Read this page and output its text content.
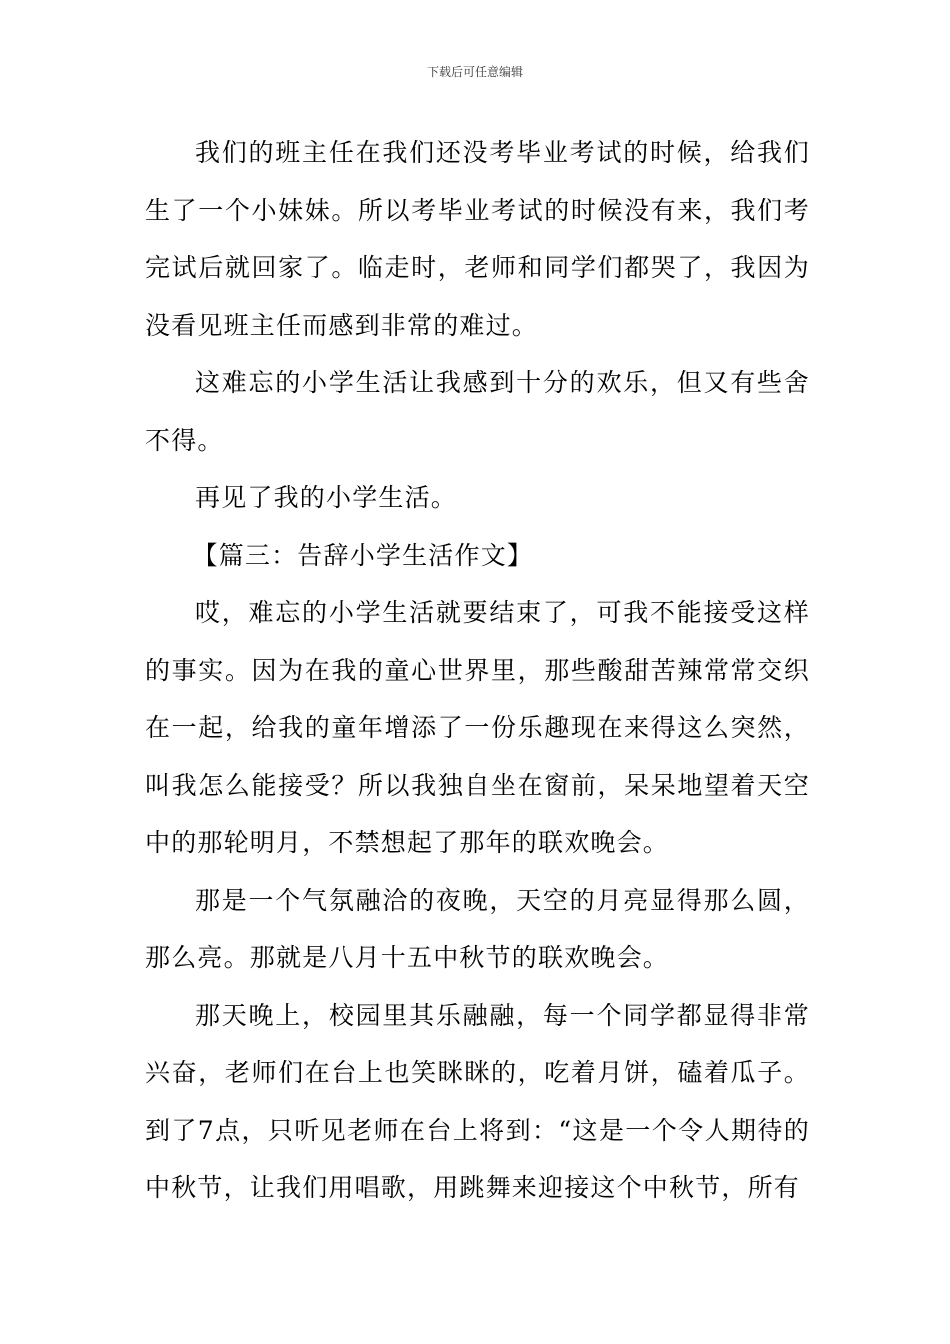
下载后可任意编辑

我们的班主任在我们还没考毕业考试的时候，给我们生了一个小妹妹。所以考毕业考试的时候没有来，我们考完试后就回家了。临走时，老师和同学们都哭了，我因为没看见班主任而感到非常的难过。

这难忘的小学生活让我感到十分的欢乐，但又有些舍不得。

再见了我的小学生活。

【篇三：告辞小学生活作文】

哎，难忘的小学生活就要结束了，可我不能接受这样的事实。因为在我的童心世界里，那些酸甜苦辣常常交织在一起，给我的童年增添了一份乐趣现在来得这么突然，叫我怎么能接受？所以我独自坐在窗前，呆呆地望着天空中的那轮明月，不禁想起了那年的联欢晚会。

那是一个气氛融洽的夜晚，天空的月亮显得那么圆，那么亮。那就是八月十五中秋节的联欢晚会。

那天晚上，校园里其乐融融，每一个同学都显得非常兴奋，老师们在台上也笑眯眯的，吃着月饼，磕着瓜子。到了7点，只听见老师在台上将到：“这是一个令人期待的中秋节，让我们用唱歌，用跳舞来迎接这个中秋节，所有
